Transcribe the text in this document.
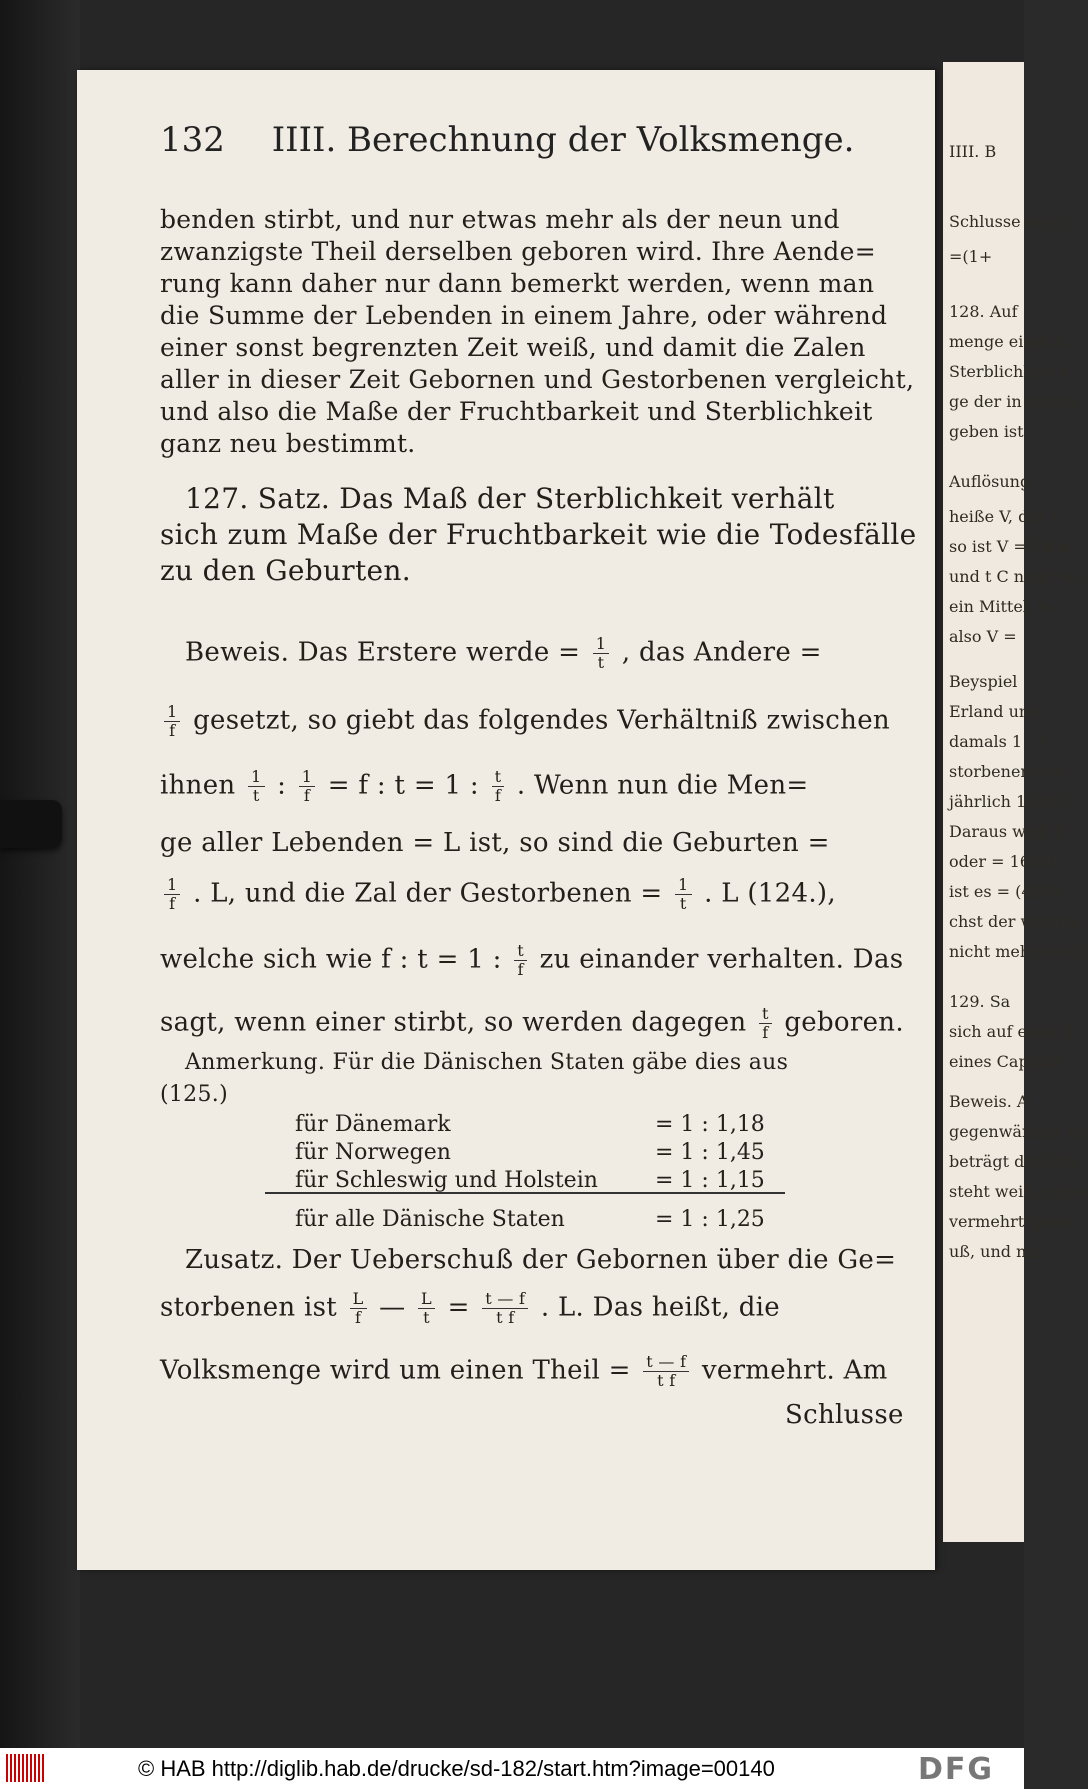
IIII. B
Schlusse des J
=(1+
128. Auf
menge eines L
Sterblichkeit u
ge der in einem
geben ist.
Auflösung.
heiße V, die A
so ist V = f B u
und t C nicht vo
ein Mittel, w
also V =
Beyspiel
Erland und
damals 1 : t
storbenen war
jährlich 13582
Daraus wird V
oder = 16051
ist es = (4889
chst der wahren
nicht mehr betrü
129. Sa
sich auf eben d
eines Capitals
Beweis. A
gegenwärtige Za
beträgt der Geb
steht weiß, um w
vermehrt gewo
uß, und nin
132 IIII. Berechnung der Volksmenge.
benden stirbt, und nur etwas mehr als der neun und
zwanzigste Theil derselben geboren wird. Ihre Aende=
rung kann daher nur dann bemerkt werden, wenn man
die Summe der Lebenden in einem Jahre, oder während
einer sonst begrenzten Zeit weiß, und damit die Zalen
aller in dieser Zeit Gebornen und Gestorbenen vergleicht,
und also die Maße der Fruchtbarkeit und Sterblichkeit
ganz neu bestimmt.
127. Satz. Das Maß der Sterblichkeit verhält
sich zum Maße der Fruchtbarkeit wie die Todesfälle
zu den Geburten.
Beweis. Das Erstere werde = $\frac{1}{t}$ , das Andere =
$\frac{1}{f}$ gesetzt, so giebt das folgendes Verhältniß zwischen
ihnen $\frac{1}{t}$ : $\frac{1}{f} = f$ : t = 1 : $\frac{t}{f}$ . Wenn nun die Men=
ge aller Lebenden = L ist, so sind die Geburten =
$\frac{1}{f}$ . L, und die Zal der Gestorbenen = $\frac{1}{t}$ . L (124.),
welche sich wie f : t = 1 : $\frac{t}{f}$ zu einander verhalten. Das
sagt, wenn einer stirbt, so werden dagegen $\frac{t}{f}$ geboren.
Anmerkung. Für die Dänischen Staten gäbe dies aus
(125.)
für Dänemark	= 1 : 1,18
für Norwegen	= 1 : 1,45
für Schleswig und Holstein	= 1 : 1,15
für alle Dänische Staten	= 1 : 1,25
Zusatz. Der Ueberschuß der Gebornen über die Ge=
storbenen ist $\frac{L}{f}$ — $\frac{L}{t} = \frac{t — f}{\text{t f}}$ . L. Das heißt, die
Volksmenge wird um einen Theil = $\frac{t — f}{\text{t f}}$ vermehrt. Am
Schlusse
© HAB http://diglib.hab.de/drucke/sd-182/start.htm?image=00140	DFG
